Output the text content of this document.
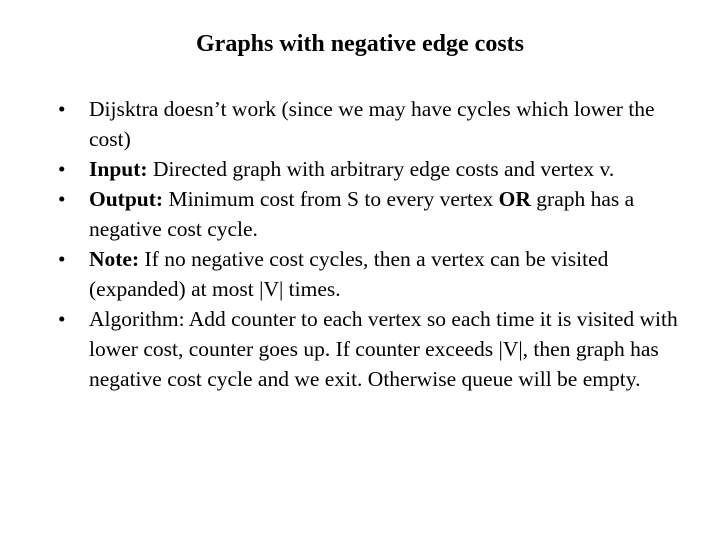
Graphs with negative edge costs
•	Dijsktra doesn’t work (since we may have cycles which lower the cost)
•	Input: Directed graph with arbitrary edge costs and vertex v.
•	Output: Minimum cost from S to every vertex OR graph has a negative cost cycle.
•	Note: If no negative cost cycles, then a vertex can be visited (expanded) at most |V| times.
•	Algorithm: Add counter to each vertex so each time it is visited with lower cost, counter goes up. If counter exceeds |V|, then graph has negative cost cycle and we exit. Otherwise queue will be empty.
